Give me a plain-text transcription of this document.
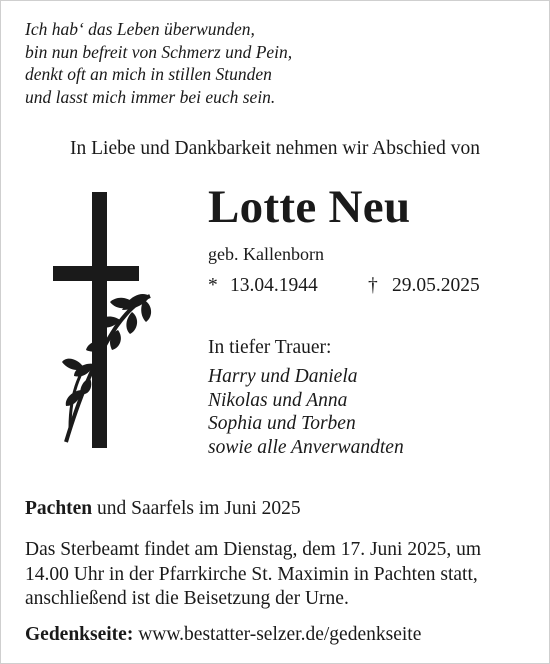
Ich hab‘ das Leben überwunden,
bin nun befreit von Schmerz und Pein,
denkt oft an mich in stillen Stunden
und lasst mich immer bei euch sein.
In Liebe und Dankbarkeit nehmen wir Abschied von
Lotte Neu
geb. Kallenborn
* 13.04.1944	† 29.05.2025
In tiefer Trauer:
Harry und Daniela
Nikolas und Anna
Sophia und Torben
sowie alle Anverwandten
Pachten und Saarfels im Juni 2025
Das Sterbeamt findet am Dienstag, dem 17. Juni 2025, um
14.00 Uhr in der Pfarrkirche St. Maximin in Pachten statt,
anschließend ist die Beisetzung der Urne.
Gedenkseite: www.bestatter-selzer.de/gedenkseite
